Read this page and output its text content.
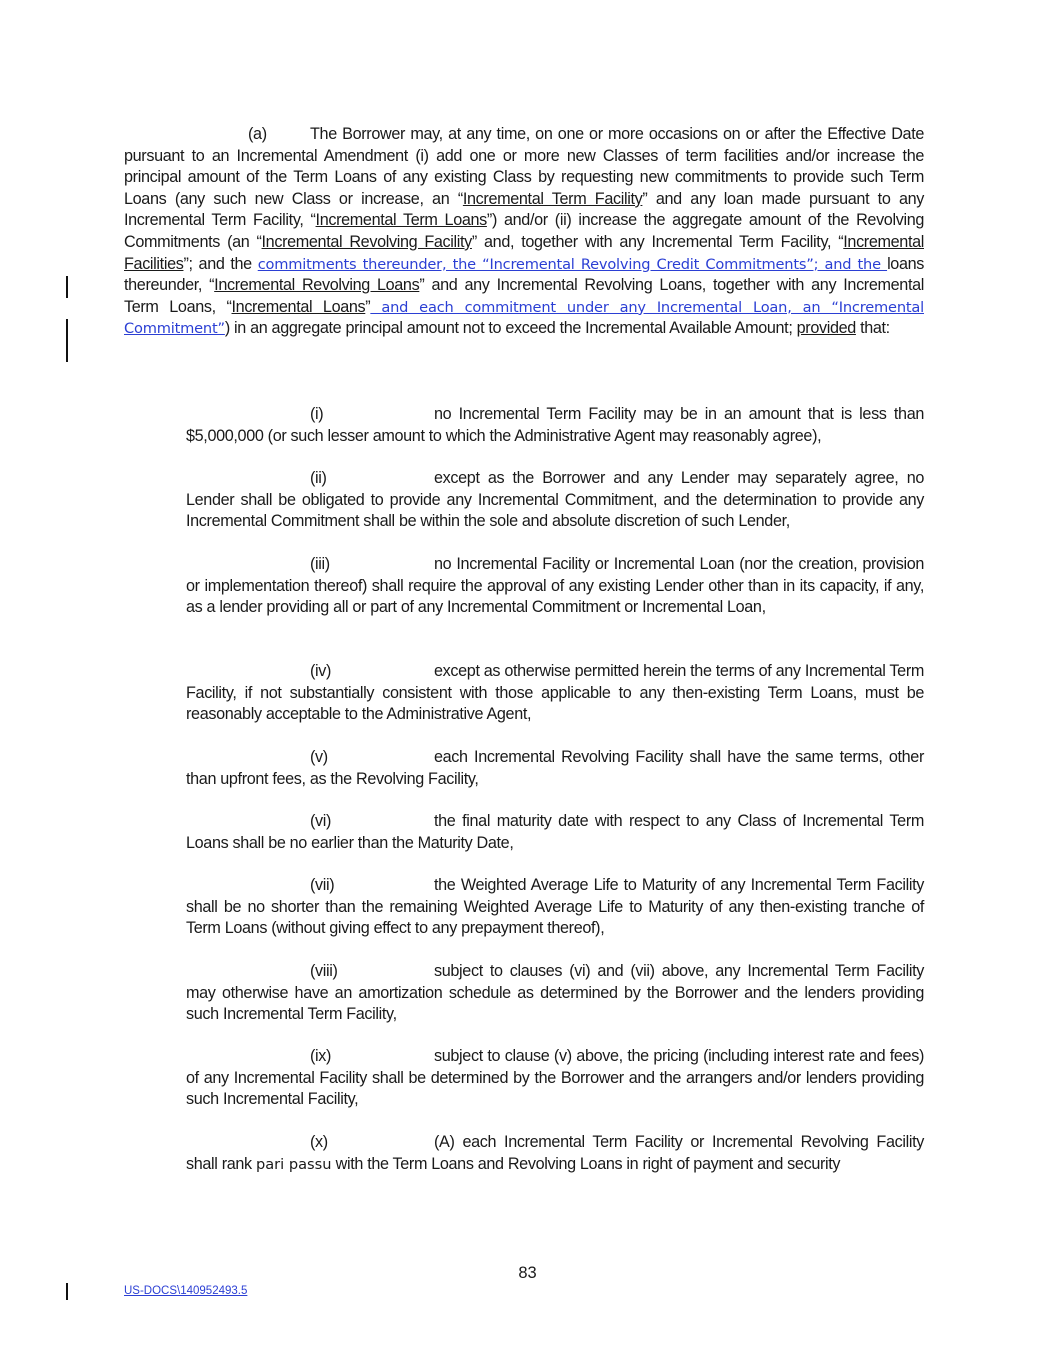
(a)	The Borrower may, at any time, on one or more occasions on or after the Effective Date pursuant to an Incremental Amendment (i) add one or more new Classes of term facilities and/or increase the principal amount of the Term Loans of any existing Class by requesting new commitments to provide such Term Loans (any such new Class or increase, an “Incremental Term Facility” and any loan made pursuant to any Incremental Term Facility, “Incremental Term Loans”) and/or (ii) increase the aggregate amount of the Revolving Commitments (an “Incremental Revolving Facility” and, together with any Incremental Term Facility, “Incremental Facilities”; and the commitments thereunder, the “Incremental Revolving Credit Commitments”; and the loans thereunder, “Incremental Revolving Loans” and any Incremental Revolving Loans, together with any Incremental Term Loans, “Incremental Loans” and each commitment under any Incremental Loan, an “Incremental Commitment”) in an aggregate principal amount not to exceed the Incremental Available Amount; provided that:
(i)	no Incremental Term Facility may be in an amount that is less than $5,000,000 (or such lesser amount to which the Administrative Agent may reasonably agree),
(ii)	except as the Borrower and any Lender may separately agree, no Lender shall be obligated to provide any Incremental Commitment, and the determination to provide any Incremental Commitment shall be within the sole and absolute discretion of such Lender,
(iii)	no Incremental Facility or Incremental Loan (nor the creation, provision or implementation thereof) shall require the approval of any existing Lender other than in its capacity, if any, as a lender providing all or part of any Incremental Commitment or Incremental Loan,
(iv)	except as otherwise permitted herein the terms of any Incremental Term Facility, if not substantially consistent with those applicable to any then-existing Term Loans, must be reasonably acceptable to the Administrative Agent,
(v)	each Incremental Revolving Facility shall have the same terms, other than upfront fees, as the Revolving Facility,
(vi)	the final maturity date with respect to any Class of Incremental Term Loans shall be no earlier than the Maturity Date,
(vii)	the Weighted Average Life to Maturity of any Incremental Term Facility shall be no shorter than the remaining Weighted Average Life to Maturity of any then-existing tranche of Term Loans (without giving effect to any prepayment thereof),
(viii)	subject to clauses (vi) and (vii) above, any Incremental Term Facility may otherwise have an amortization schedule as determined by the Borrower and the lenders providing such Incremental Term Facility,
(ix)	subject to clause (v) above, the pricing (including interest rate and fees) of any Incremental Facility shall be determined by the Borrower and the arrangers and/or lenders providing such Incremental Facility,
(x)	(A) each Incremental Term Facility or Incremental Revolving Facility shall rank pari passu with the Term Loans and Revolving Loans in right of payment and security
83
US-DOCS\140952493.5
